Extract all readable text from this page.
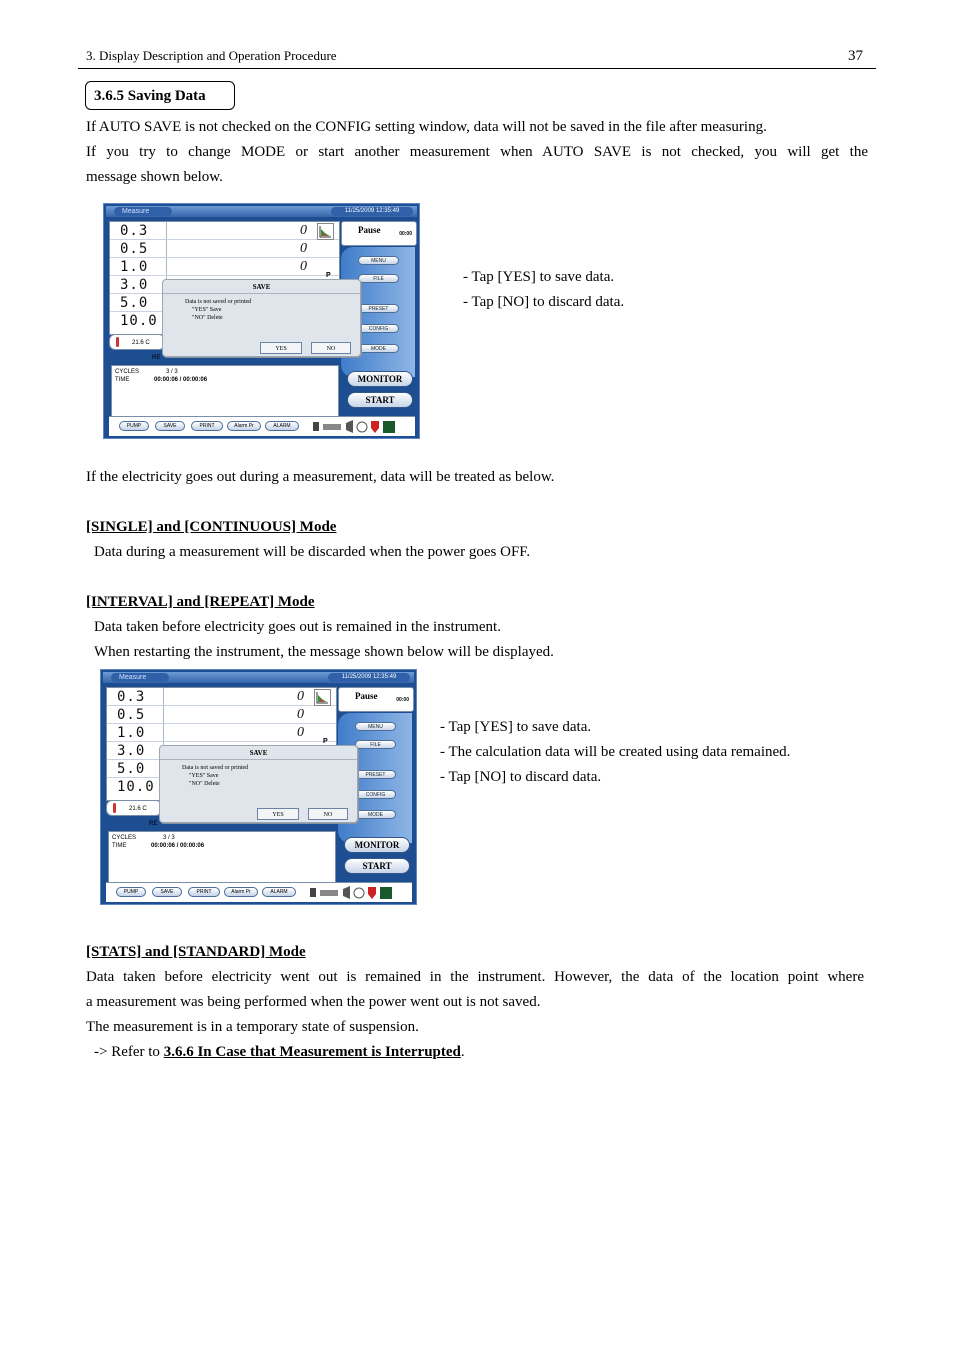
3. Display Description and Operation Procedure	37
3.6.5 Saving Data
If AUTO SAVE is not checked on the CONFIG setting window, data will not be saved in the file after measuring.
If you try to change MODE or start another measurement when AUTO SAVE is not checked, you will get the
message shown below.
Measure	11/25/2009 12:35:49
0.3	0
0.5	0
1.0	0
3.0
5.0
10.0
P
21.6 C
RE
CYCLES	3 / 3
TIME	00:00:06 / 00:00:06
Pause	00:00
MENU
FILE
PRESET
CONFIG
MODE
MONITOR
START
PUMP	SAVE	PRINT	Alarm Pr	ALARM
SAVE
Data is not saved or printed
"YES" Save
"NO" Delete
YES	NO
- Tap [YES] to save data.
- Tap [NO] to discard data.
If the electricity goes out during a measurement, data will be treated as below.
[SINGLE] and [CONTINUOUS] Mode
Data during a measurement will be discarded when the power goes OFF.
[INTERVAL] and [REPEAT] Mode
Data taken before electricity goes out is remained in the instrument.
When restarting the instrument, the message shown below will be displayed.
Measure	11/25/2009 12:35:49
0.3	0
0.5	0
1.0	0
3.0
5.0
10.0
P
21.6 C
RE
CYCLES	3 / 3
TIME	00:00:06 / 00:00:06
Pause	00:00
MENU
FILE
PRESET
CONFIG
MODE
MONITOR
START
PUMP	SAVE	PRINT	Alarm Pr	ALARM
SAVE
Data is not saved or printed
"YES" Save
"NO" Delete
YES	NO
- Tap [YES] to save data.
- The calculation data will be created using data remained.
- Tap [NO] to discard data.
[STATS] and [STANDARD] Mode
Data taken before electricity went out is remained in the instrument. However, the data of the location point where
a measurement was being performed when the power went out is not saved.
The measurement is in a temporary state of suspension.
-> Refer to 3.6.6 In Case that Measurement is Interrupted.
